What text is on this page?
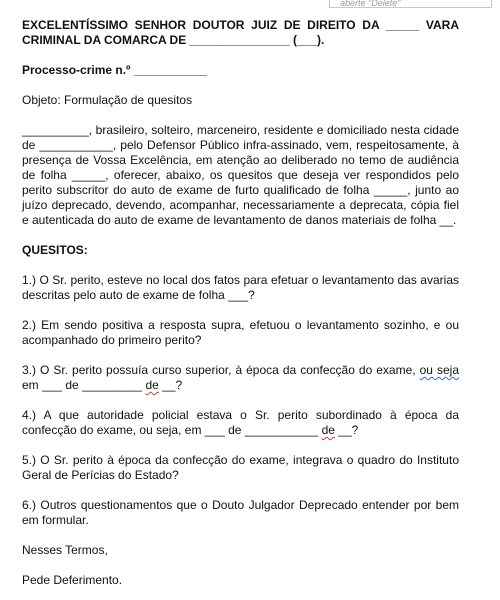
aberte "Delete"

EXCELENTÍSSIMO SENHOR DOUTOR JUIZ DE DIREITO DA _____ VARA CRIMINAL DA COMARCA DE _______________ (___).

Processo-crime n.º ___________

Objeto: Formulação de quesitos

__________, brasileiro, solteiro, marceneiro, residente e domiciliado nesta cidade de ___________, pelo Defensor Público infra-assinado, vem, respeitosamente, à presença de Vossa Excelência, em atenção ao deliberado no temo de audiência de folha _____, oferecer, abaixo, os quesitos que deseja ver respondidos pelo perito subscritor do auto de exame de furto qualificado de folha _____, junto ao juízo deprecado, devendo, acompanhar, necessariamente a deprecata, cópia fiel e autenticada do auto de exame de levantamento de danos materiais de folha __.

QUESITOS:

1.) O Sr. perito, esteve no local dos fatos para efetuar o levantamento das avarias descritas pelo auto de exame de folha ___?

2.) Em sendo positiva a resposta supra, efetuou o levantamento sozinho, e ou acompanhado do primeiro perito?

3.) O Sr. perito possuía curso superior, à época da confecção do exame, ou seja em ___ de _________ de __?

4.) A que autoridade policial estava o Sr. perito subordinado à época da confecção do exame, ou seja, em ___ de ___________ de __?

5.) O Sr. perito à época da confecção do exame, integrava o quadro do Instituto Geral de Perícias do Estado?

6.) Outros questionamentos que o Douto Julgador Deprecado entender por bem em formular.

Nesses Termos,

Pede Deferimento.
